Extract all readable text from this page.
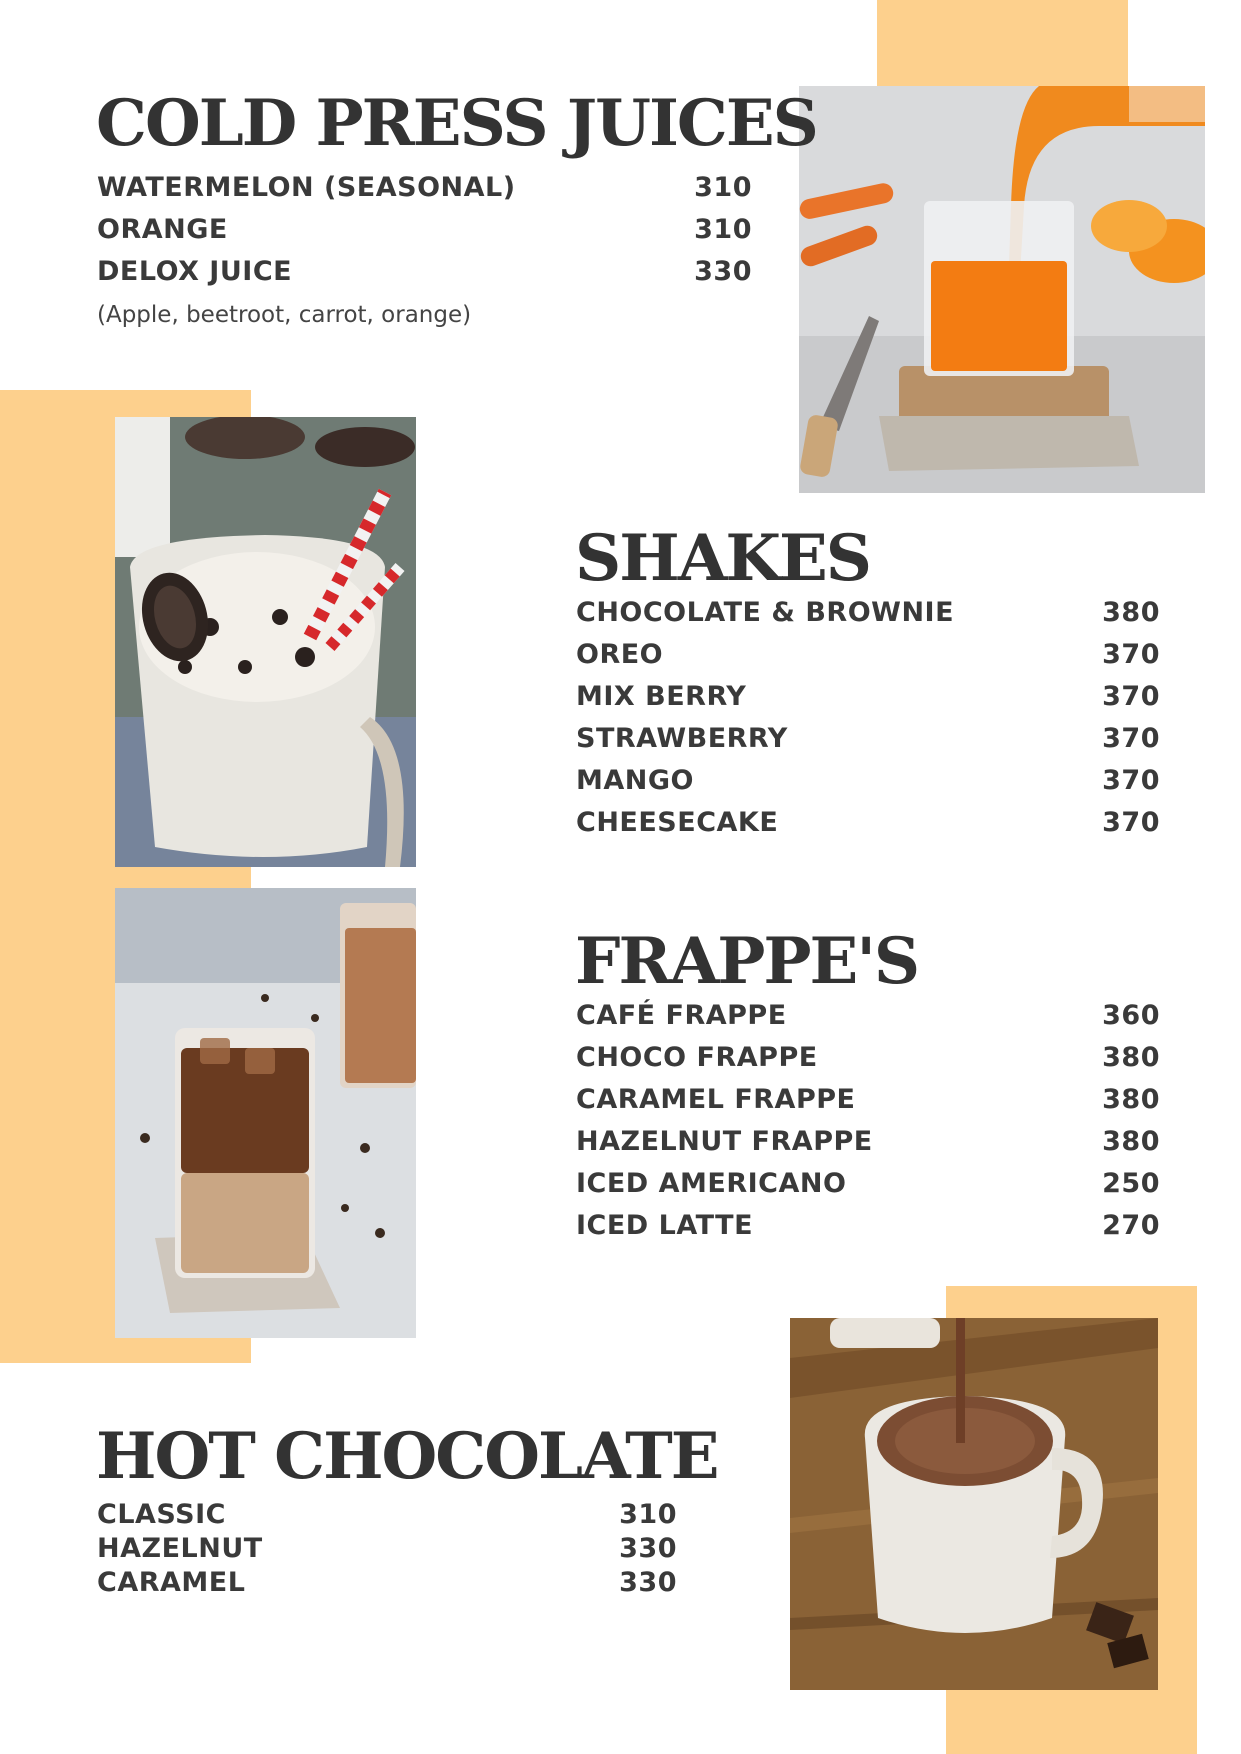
COLD PRESS JUICES
WATERMELON (SEASONAL)	310
ORANGE	310
DELOX JUICE	330

(Apple, beetroot, carrot, orange)

SHAKES
CHOCOLATE & BROWNIE	380
OREO	370
MIX BERRY	370
STRAWBERRY	370
MANGO	370
CHEESECAKE	370
FRAPPE'S
CAFÉ FRAPPE	360
CHOCO FRAPPE	380
CARAMEL FRAPPE	380
HAZELNUT FRAPPE	380
ICED AMERICANO	250
ICED LATTE	270
HOT CHOCOLATE
CLASSIC	310
HAZELNUT	330
CARAMEL	330
